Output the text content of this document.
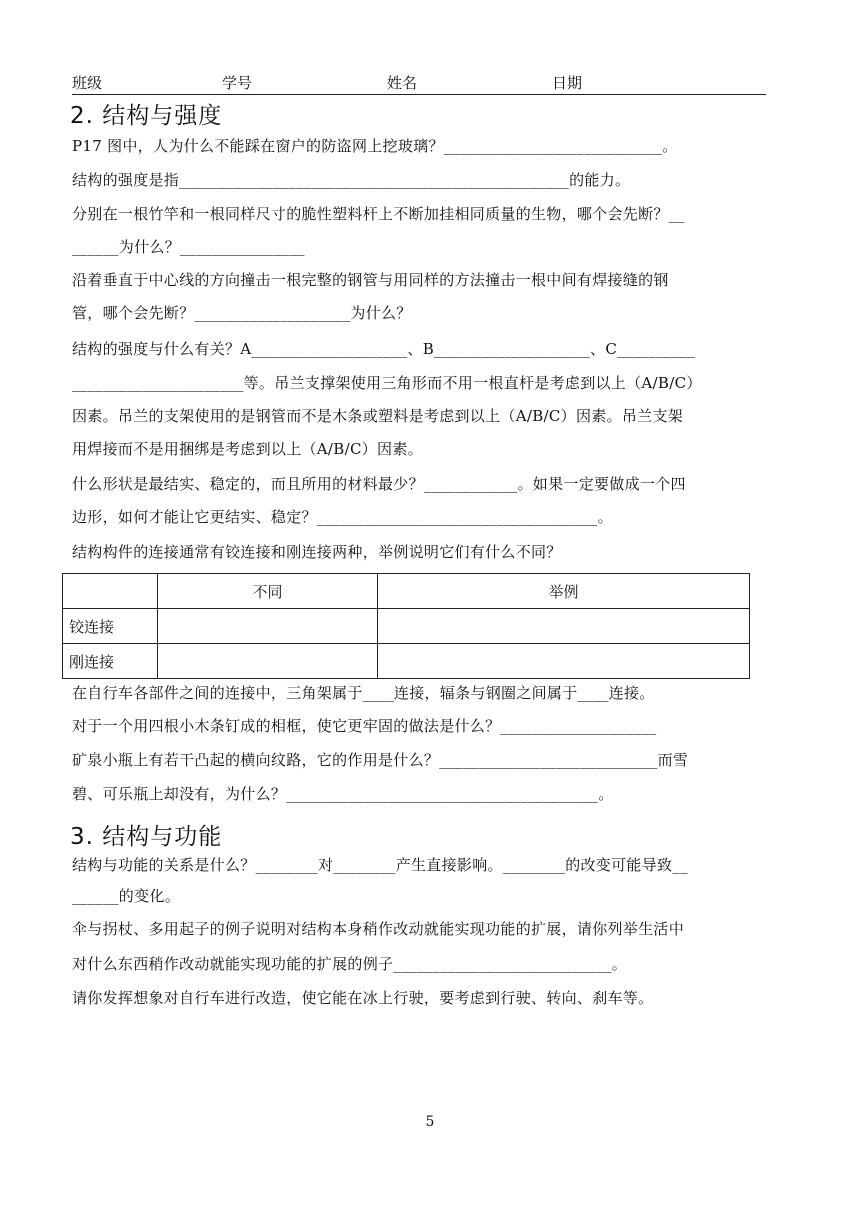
班级	学号	姓名	日期
2. 结构与强度
P17 图中，人为什么不能踩在窗户的防盗网上挖玻璃？____________________________。
结构的强度是指__________________________________________________的能力。
分别在一根竹竿和一根同样尺寸的脆性塑料杆上不断加挂相同质量的生物，哪个会先断？__
______为什么？________________
沿着垂直于中心线的方向撞击一根完整的钢管与用同样的方法撞击一根中间有焊接缝的钢
管，哪个会先断？____________________为什么？
结构的强度与什么有关？A____________________、B____________________、C__________
______________________等。吊兰支撑架使用三角形而不用一根直杆是考虑到以上（A/B/C）
因素。吊兰的支架使用的是钢管而不是木条或塑料是考虑到以上（A/B/C）因素。吊兰支架
用焊接而不是用捆绑是考虑到以上（A/B/C）因素。
什么形状是最结实、稳定的，而且所用的材料最少？____________。如果一定要做成一个四
边形，如何才能让它更结实、稳定？____________________________________。
结构构件的连接通常有铰连接和刚连接两种，举例说明它们有什么不同？
	不同	举例
铰连接		
刚连接		
在自行车各部件之间的连接中，三角架属于____连接，辐条与钢圈之间属于____连接。
对于一个用四根小木条钉成的相框，使它更牢固的做法是什么？____________________
矿泉小瓶上有若干凸起的横向纹路，它的作用是什么？____________________________而雪
碧、可乐瓶上却没有，为什么？________________________________________。
3. 结构与功能
结构与功能的关系是什么？________对________产生直接影响。________的改变可能导致__
______的变化。
伞与拐杖、多用起子的例子说明对结构本身稍作改动就能实现功能的扩展，请你列举生活中
对什么东西稍作改动就能实现功能的扩展的例子____________________________。
请你发挥想象对自行车进行改造，使它能在冰上行驶，要考虑到行驶、转向、刹车等。
5
